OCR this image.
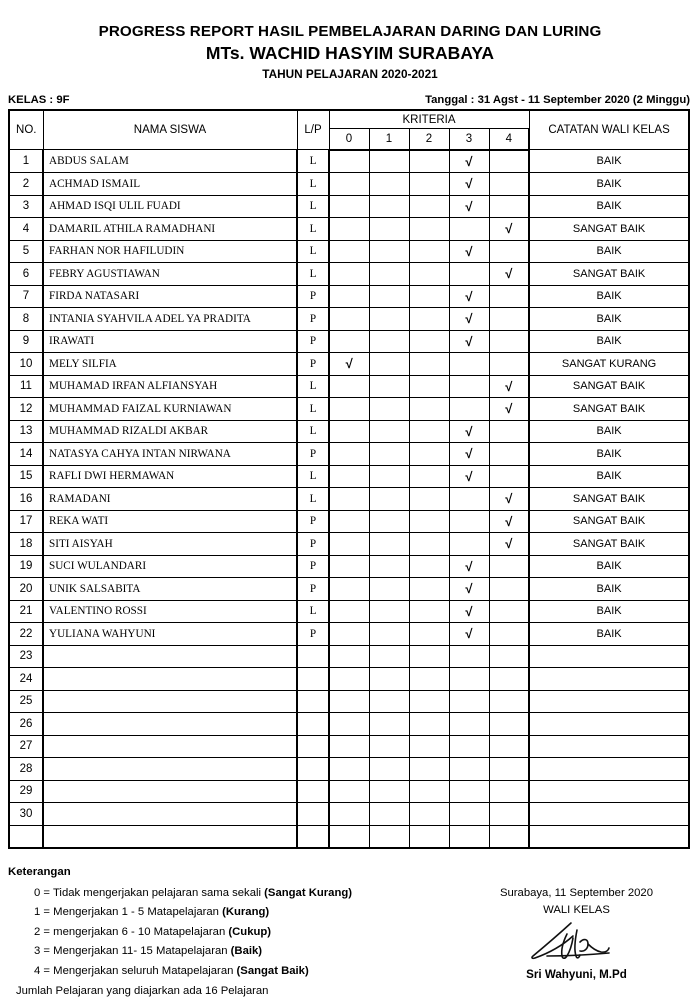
PROGRESS REPORT HASIL PEMBELAJARAN DARING DAN LURING
MTs. WACHID HASYIM SURABAYA
TAHUN PELAJARAN 2020-2021
KELAS : 9F	Tanggal : 31 Agst - 11 September 2020 (2 Minggu)
NO.	NAMA SISWA	L/P	KRITERIA					CATATAN WALI KELAS
			0	1	2	3	4	
1	ABDUS SALAM	L				√		BAIK
2	ACHMAD ISMAIL	L				√		BAIK
3	AHMAD ISQI ULIL FUADI	L				√		BAIK
4	DAMARIL ATHILA RAMADHANI	L					√	SANGAT BAIK
5	FARHAN NOR HAFILUDIN	L				√		BAIK
6	FEBRY AGUSTIAWAN	L					√	SANGAT BAIK
7	FIRDA NATASARI	P				√		BAIK
8	INTANIA SYAHVILA ADEL YA PRADITA	P				√		BAIK
9	IRAWATI	P				√		BAIK
10	MELY SILFIA	P	√					SANGAT KURANG
11	MUHAMAD IRFAN ALFIANSYAH	L					√	SANGAT BAIK
12	MUHAMMAD FAIZAL KURNIAWAN	L					√	SANGAT BAIK
13	MUHAMMAD RIZALDI AKBAR	L				√		BAIK
14	NATASYA CAHYA INTAN NIRWANA	P				√		BAIK
15	RAFLI DWI HERMAWAN	L				√		BAIK
16	RAMADANI	L					√	SANGAT BAIK
17	REKA WATI	P					√	SANGAT BAIK
18	SITI AISYAH	P					√	SANGAT BAIK
19	SUCI WULANDARI	P				√		BAIK
20	UNIK SALSABITA	P				√		BAIK
21	VALENTINO ROSSI	L				√		BAIK
22	YULIANA WAHYUNI	P				√		BAIK
23								
24								
25								
26								
27								
28								
29								
30								

Keterangan
0 = Tidak mengerjakan pelajaran sama sekali (Sangat Kurang)
1 = Mengerjakan 1 - 5 Matapelajaran (Kurang)
2 = mengerjakan 6 - 10 Matapelajaran (Cukup)
3 = Mengerjakan 11- 15 Matapelajaran (Baik)
4 = Mengerjakan seluruh Matapelajaran (Sangat Baik)
Jumlah Pelajaran yang diajarkan ada 16 Pelajaran
Surabaya, 11 September 2020
WALI KELAS
Sri Wahyuni, M.Pd
